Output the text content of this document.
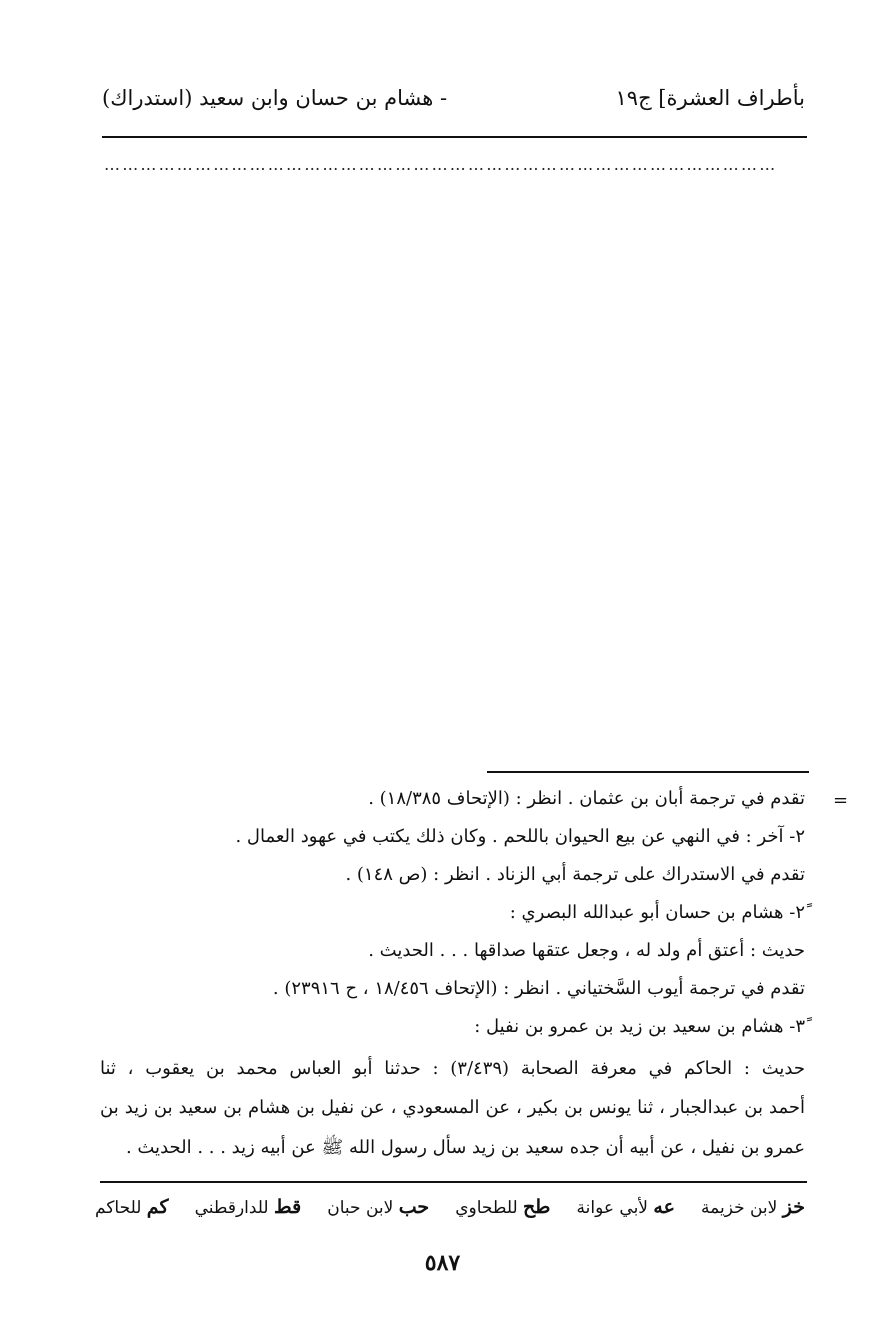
بأطراف العشرة] ج١٩
- هشام بن حسان وابن سعيد (استدراك)
…………………………………………………………………………………………………
=
تقدم في ترجمة أبان بن عثمان . انظر : (الإتحاف ١٨/٣٨٥) .
٢- آخر : في النهي عن بيع الحيوان باللحم . وكان ذلك يكتب في عهود العمال .
تقدم في الاستدراك على ترجمة أبي الزناد . انظر : (ص ١٤٨) .
٢ً- هشام بن حسان أبو عبدالله البصري :
حديث : أعتق أم ولد له ، وجعل عتقها صداقها . . . الحديث .
تقدم في ترجمة أيوب السَّختياني . انظر : (الإتحاف ١٨/٤٥٦ ، ح ٢٣٩١٦) .
٣ً- هشام بن سعيد بن زيد بن عمرو بن نفيل :
حديث : الحاكم في معرفة الصحابة (٣/٤٣٩) : حدثنا أبو العباس محمد بن يعقوب ، ثنا
أحمد بن عبدالجبار ، ثنا يونس بن بكير ، عن المسعودي ، عن نفيل بن هشام بن سعيد بن زيد بن
عمرو بن نفيل ، عن أبيه أن جده سعيد بن زيد سأل رسول الله ﷺ عن أبيه زيد . . . الحديث .
خز لابن خزيمة
عه لأبي عوانة
طح للطحاوي
حب لابن حبان
قط للدارقطني
كم للحاكم
٥٨٧
